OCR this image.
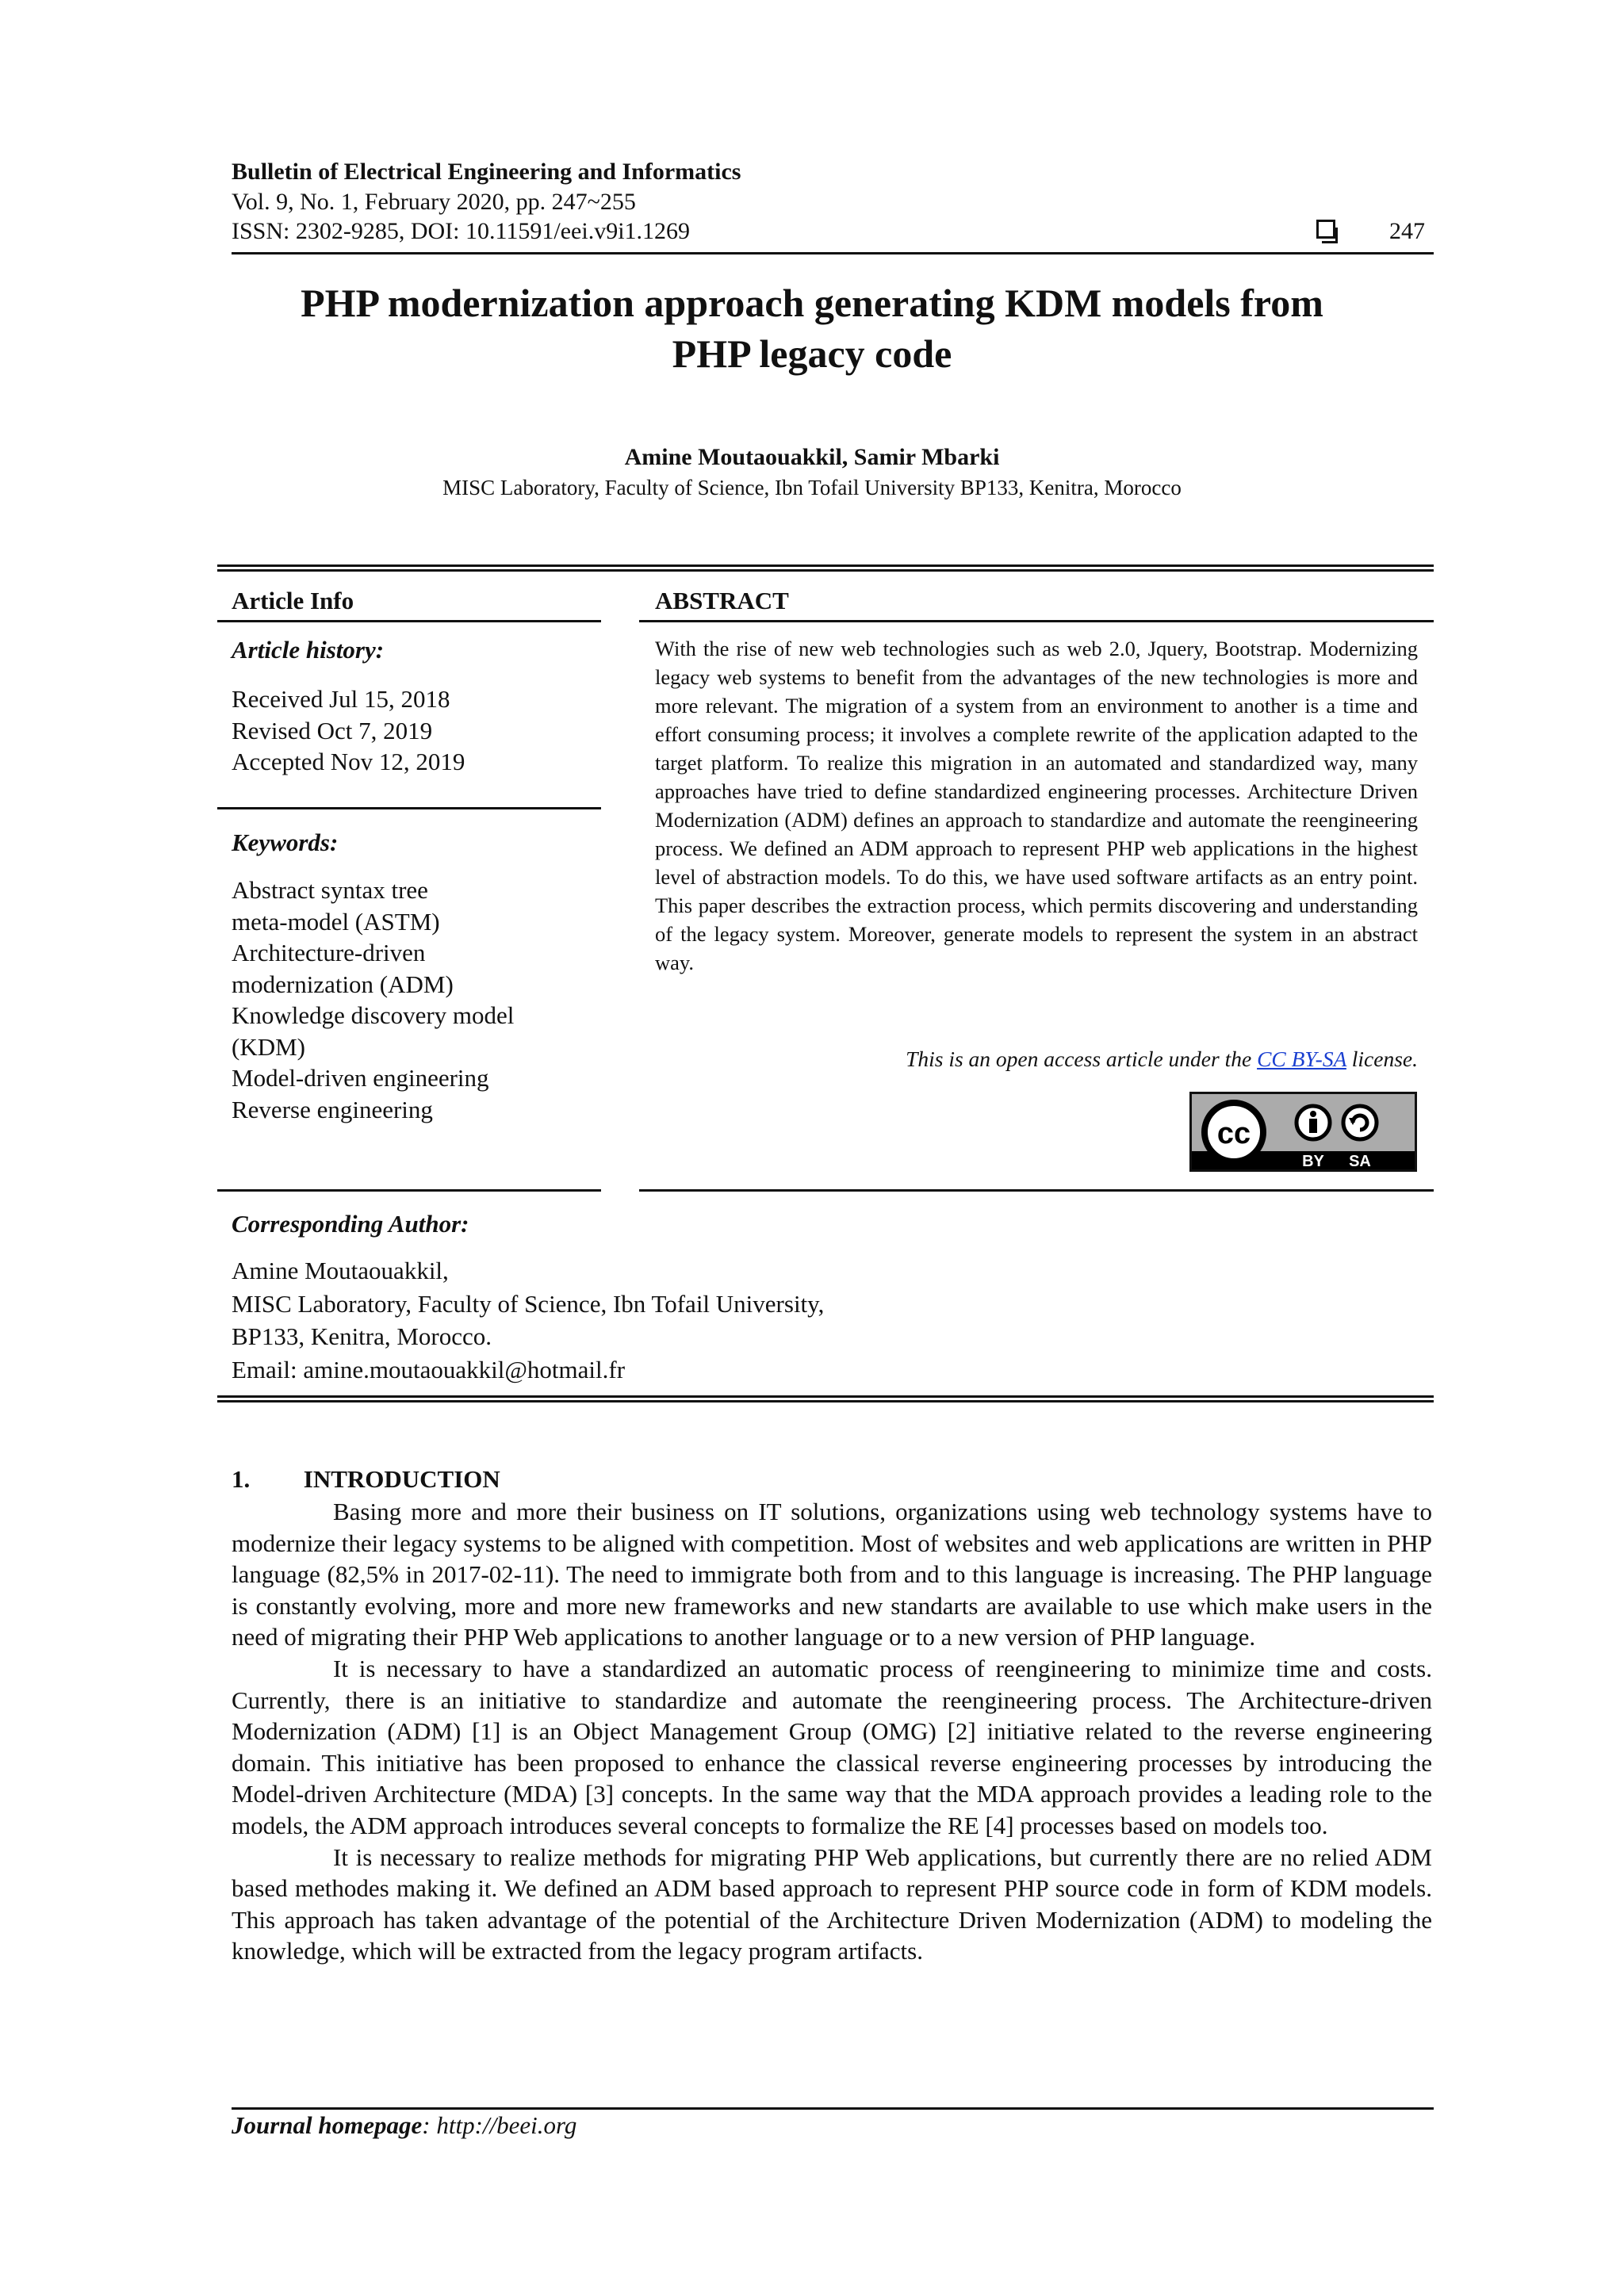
Bulletin of Electrical Engineering and Informatics
Vol. 9, No. 1, February 2020, pp. 247~255
ISSN: 2302-9285, DOI: 10.11591/eei.v9i1.1269	247
PHP modernization approach generating KDM models from
PHP legacy code
Amine Moutaouakkil, Samir Mbarki
MISC Laboratory, Faculty of Science, Ibn Tofail University BP133, Kenitra, Morocco
Article Info
Article history:
Received Jul 15, 2018
Revised Oct 7, 2019
Accepted Nov 12, 2019
Keywords:
Abstract syntax tree
meta-model (ASTM)
Architecture-driven
modernization (ADM)
Knowledge discovery model
(KDM)
Model-driven engineering
Reverse engineering
ABSTRACT
With the rise of new web technologies such as web 2.0, Jquery, Bootstrap. Modernizing legacy web systems to benefit from the advantages of the new technologies is more and more relevant. The migration of a system from an environment to another is a time and effort consuming process; it involves a complete rewrite of the application adapted to the target platform. To realize this migration in an automated and standardized way, many approaches have tried to define standardized engineering processes. Architecture Driven Modernization (ADM) defines an approach to standardize and automate the reengineering process. We defined an ADM approach to represent PHP web applications in the highest level of abstraction models. To do this, we have used software artifacts as an entry point. This paper describes the extraction process, which permits discovering and understanding of the legacy system. Moreover, generate models to represent the system in an abstract way.
This is an open access article under the CC BY-SA license.
cc
BY SA
Corresponding Author:
Amine Moutaouakkil,
MISC Laboratory, Faculty of Science, Ibn Tofail University,
BP133, Kenitra, Morocco.
Email: amine.moutaouakkil@hotmail.fr
1. INTRODUCTION

Basing more and more their business on IT solutions, organizations using web technology systems have to modernize their legacy systems to be aligned with competition. Most of websites and web applications are written in PHP language (82,5% in 2017-02-11). The need to immigrate both from and to this language is increasing. The PHP language is constantly evolving, more and more new frameworks and new standarts are available to use which make users in the need of migrating their PHP Web applications to another language or to a new version of PHP language.

It is necessary to have a standardized an automatic process of reengineering to minimize time and costs. Currently, there is an initiative to standardize and automate the reengineering process. The Architecture-driven Modernization (ADM) [1] is an Object Management Group (OMG) [2] initiative related to the reverse engineering domain. This initiative has been proposed to enhance the classical reverse engineering processes by introducing the Model-driven Architecture (MDA) [3] concepts. In the same way that the MDA approach provides a leading role to the models, the ADM approach introduces several concepts to formalize the RE [4] processes based on models too.

It is necessary to realize methods for migrating PHP Web applications, but currently there are no relied ADM based methodes making it. We defined an ADM based approach to represent PHP source code in form of KDM models. This approach has taken advantage of the potential of the Architecture Driven Modernization (ADM) to modeling the knowledge, which will be extracted from the legacy program artifacts.

Journal homepage: http://beei.org
